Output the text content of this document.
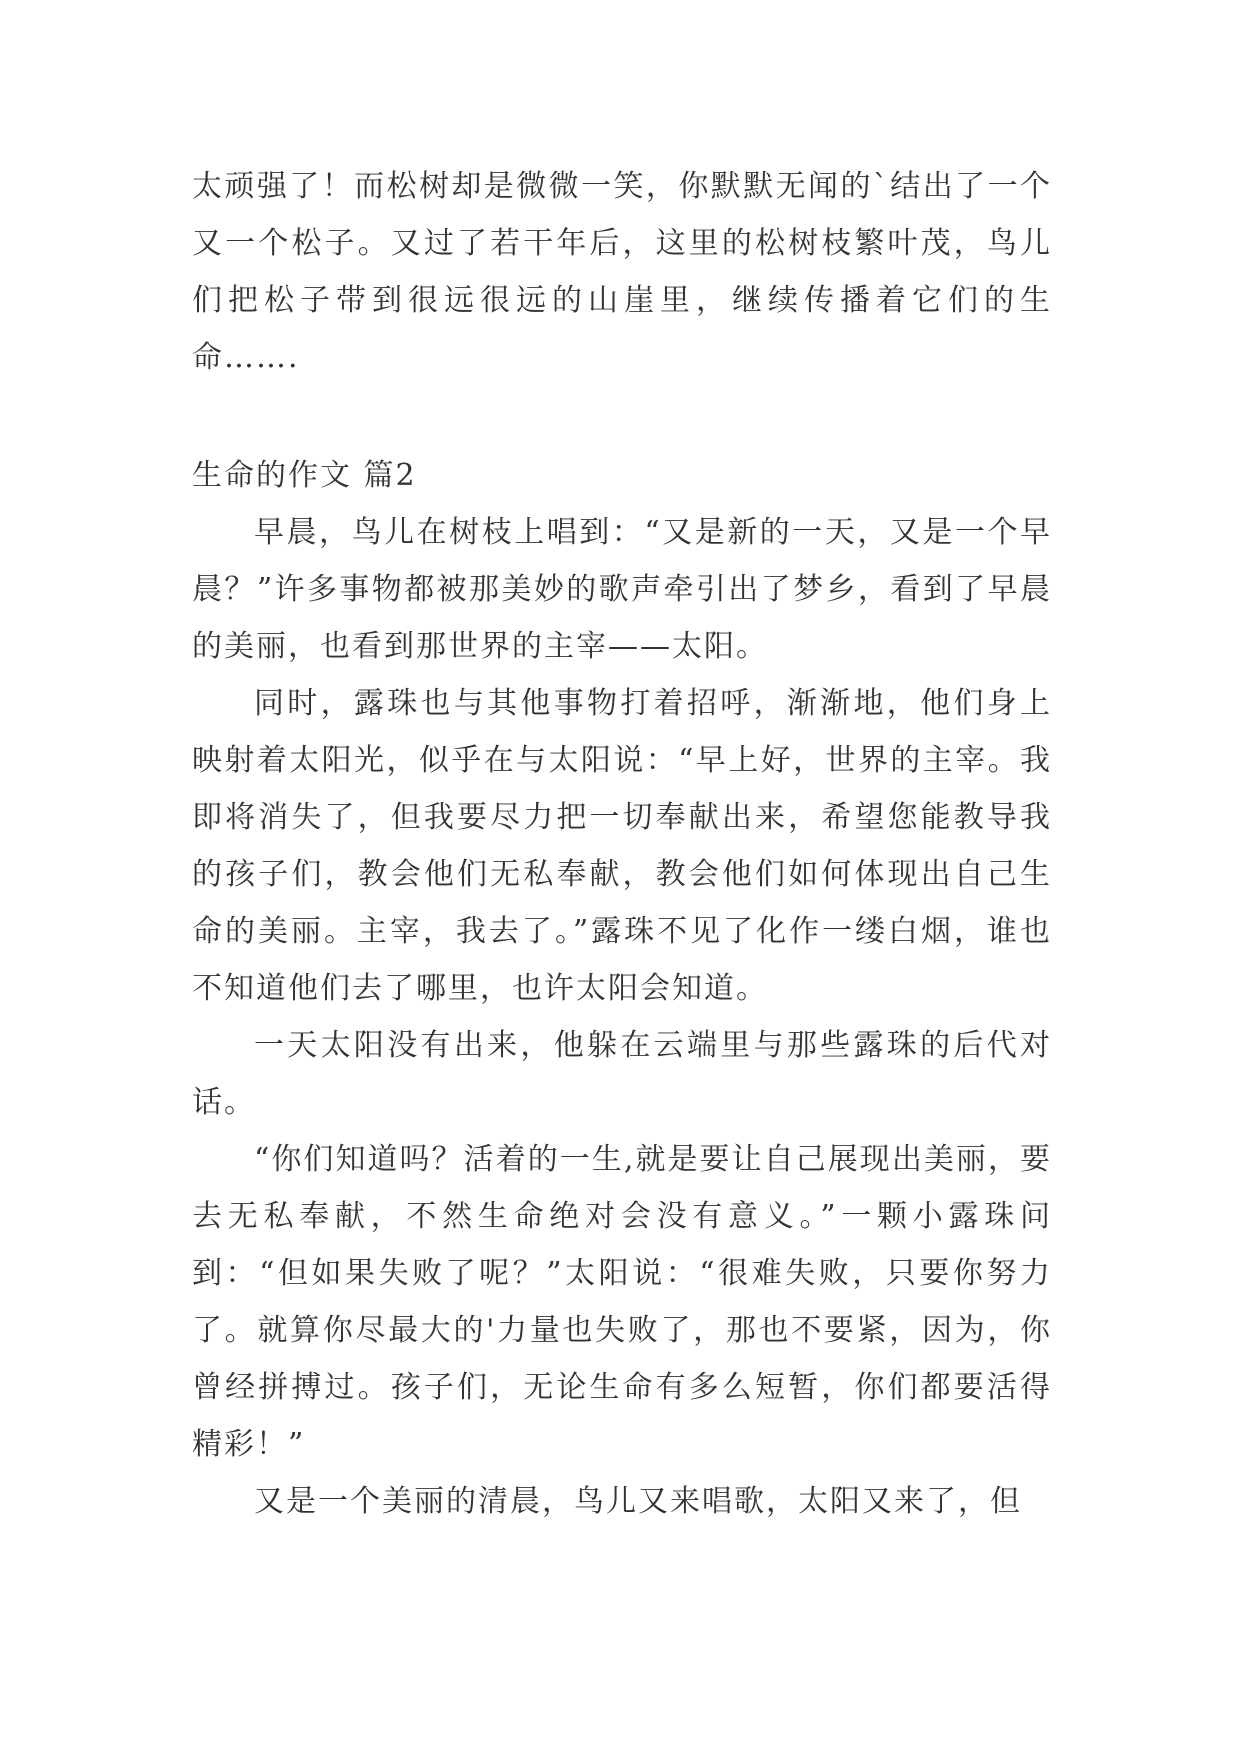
太顽强了！而松树却是微微一笑，你默默无闻的`结出了一个又一个松子。又过了若干年后，这里的松树枝繁叶茂，鸟儿们把松子带到很远很远的山崖里，继续传播着它们的生命…….

生命的作文 篇2

早晨，鸟儿在树枝上唱到：“又是新的一天，又是一个早晨？”许多事物都被那美妙的歌声牵引出了梦乡，看到了早晨的美丽，也看到那世界的主宰——太阳。

同时，露珠也与其他事物打着招呼，渐渐地，他们身上映射着太阳光，似乎在与太阳说：“早上好，世界的主宰。我即将消失了，但我要尽力把一切奉献出来，希望您能教导我的孩子们，教会他们无私奉献，教会他们如何体现出自己生命的美丽。主宰，我去了。”露珠不见了化作一缕白烟，谁也不知道他们去了哪里，也许太阳会知道。

一天太阳没有出来，他躲在云端里与那些露珠的后代对话。

“你们知道吗？活着的一生,就是要让自己展现出美丽，要去无私奉献，不然生命绝对会没有意义。”一颗小露珠问到：“但如果失败了呢？”太阳说：“很难失败，只要你努力了。就算你尽最大的'力量也失败了，那也不要紧，因为，你曾经拼搏过。孩子们，无论生命有多么短暂，你们都要活得精彩！”

又是一个美丽的清晨，鸟儿又来唱歌，太阳又来了，但
